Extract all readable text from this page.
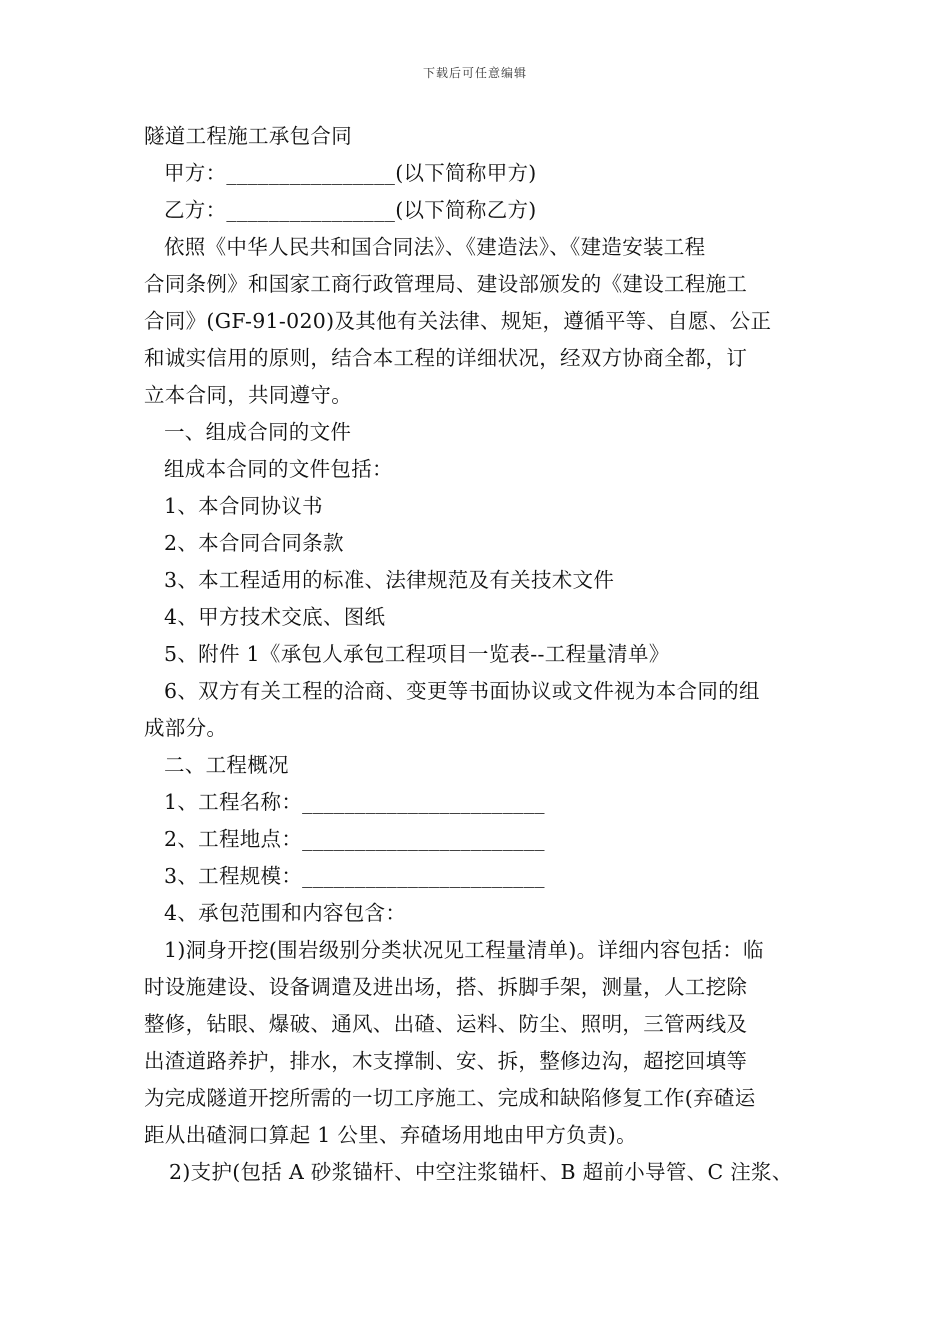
下载后可任意编辑
隧道工程施工承包合同
甲方：________________(以下简称甲方)
乙方：________________(以下简称乙方)
依照《中华人民共和国合同法》、《建造法》、《建造安装工程
合同条例》和国家工商行政管理局、建设部颁发的《建设工程施工
合同》(GF-91-020)及其他有关法律、规矩，遵循平等、自愿、公正
和诚实信用的原则，结合本工程的详细状况，经双方协商全都，订
立本合同，共同遵守。
一、组成合同的文件
组成本合同的文件包括：
1、本合同协议书
2、本合同合同条款
3、本工程适用的标准、法律规范及有关技术文件
4、甲方技术交底、图纸
5、附件 1《承包人承包工程项目一览表--工程量清单》
6、双方有关工程的洽商、变更等书面协议或文件视为本合同的组
成部分。
二、工程概况
1、工程名称：_______________________
2、工程地点：_______________________
3、工程规模：_______________________
4、承包范围和内容包含：
1)洞身开挖(围岩级别分类状况见工程量清单)。详细内容包括：临
时设施建设、设备调遣及进出场，搭、拆脚手架，测量，人工挖除
整修，钻眼、爆破、通风、出碴、运料、防尘、照明，三管两线及
出渣道路养护，排水，木支撑制、安、拆，整修边沟，超挖回填等
为完成隧道开挖所需的一切工序施工、完成和缺陷修复工作(弃碴运
距从出碴洞口算起 1 公里、弃碴场用地由甲方负责)。
2)支护(包括 A 砂浆锚杆、中空注浆锚杆、B 超前小导管、C 注浆、
